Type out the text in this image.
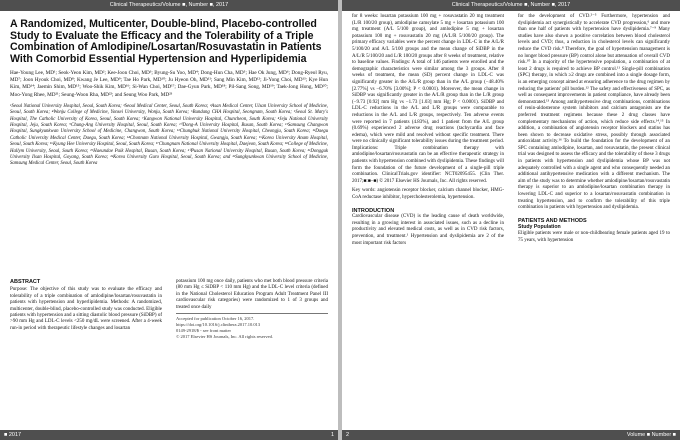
Clinical Therapeutics/Volume ■, Number ■, 2017
A Randomized, Multicenter, Double-blind, Placebo-controlled Study to Evaluate the Efficacy and the Tolerability of a Triple Combination of Amlodipine/Losartan/Rosuvastatin in Patients With Comorbid Essential Hypertension and Hyperlipidemia
Hae-Young Lee, MD¹; Seok-Yeon Kim, MD²; Kee-Joon Choi, MD³; Byung-Su Yoo, MD⁴; Dong-Hun Cha, MD⁵; Hae Ok Jung, MD⁶; Dong-Ryeol Ryu, MD⁷; Joon Hyouk Choi, MD⁸; Kwang Je Lee, MD⁹; Tae Ho Park, MD¹⁰; Ju Hyeon Oh, MD¹¹; Sang Min Kim, MD¹²; Ji-Yong Choi, MD¹³; Kye Hun Kim, MD¹⁴; Jaemin Shim, MD¹⁵; Woo-Shik Kim, MD¹⁶; Si-Wan Choi, MD¹⁷; Dae-Gyun Park, MD¹⁸; Pil-Sang Song, MD¹⁹; Taek-Jong Hong, MD²⁰; Moo-Yong Rhee, MD²¹; Seung-Woon Rha, MD²²; and Seung Woo Park, MD²³
¹Seoul National University Hospital, Seoul, South Korea; ²Seoul Medical Center, Seoul, South Korea; ³Asan Medical Center, Ulsan University School of Medicine, Seoul, South Korea; ⁴Wonju College of Medicine, Yonsei University, Wonju, South Korea; ⁵Bundang CHA Hospital, Seongnam, South Korea; ⁶Seoul St. Mary's Hospital, The Catholic University of Korea, Seoul, South Korea; ⁷Kangwon National University Hospital, Chuncheon, South Korea; ⁸Jeju National University Hospital, Jeju, South Korea; ⁹Chung-Ang University Hospital, Seoul, South Korea; ¹⁰Dong-A University Hospital, Busan, South Korea; ¹¹Samsung Changwon Hospital, Sungkyunkwan University School of Medicine, Changwon, South Korea; ¹²Chungbuk National University Hospital, Cheongju, South Korea; ¹³Daegu Catholic University Medical Center, Daegu, South Korea; ¹⁴Chonnam National University Hospital, Gwangju, South Korea; ¹⁵Korea University Anam Hospital, Seoul, South Korea; ¹⁶Kyung Hee University Hospital, Seoul, South Korea; ¹⁷Chungnam National University Hospital, Daejeon, South Korea; ¹⁸College of Medicine, Hallym University, Seoul, South Korea; ¹⁹Haeundae Paik Hospital, Busan, South Korea; ²⁰Pusan National University Hospital, Busan, South Korea; ²¹Dongguk University Ilsan Hospital, Goyang, South Korea; ²²Korea University Guro Hospital, Seoul, South Korea; and ²³Sungkyunkwan University School of Medicine, Samsung Medical Center, Seoul, South Korea
ABSTRACT

Purpose: The objective of this study was to evaluate the efficacy and tolerability of a triple combination of amlodipine/losartan/rosuvastatin in patients with hypertension and hyperlipidemia. Methods: A randomized, multicenter, double-blind, placebo-controlled study was conducted. Eligible patients with hypertension and a sitting diastolic blood pressure (SiDBP) of >90 mm Hg and LDL-C levels <250 mg/dL were screened. After a 4-week run-in period with therapeutic lifestyle changes and losartan

potassium 100 mg once daily, patients who met both blood pressure criteria (80 mm Hg ≤ SiDBP < 110 mm Hg) and the LDL-C level criteria (defined in the National Cholesterol Education Program Adult Treatment Panel III cardiovascular risk categories) were randomized to 1 of 3 groups and treated once daily

Accepted for publication October 16, 2017.
https://doi.org/10.1016/j.clinthera.2017.10.013
0149-2918/$ - see front matter
© 2017 Elsevier HS Journals, Inc. All rights reserved.
■ 2017	1
Clinical Therapeutics/Volume ■, Number ■, 2017

for 8 weeks: losartan potassium 100 mg + rosuvastatin 20 mg treatment (L/R 100/20 group), amlodipine camsylate 5 mg + losartan potassium 100 mg treatment (A/L 5/100 group), and amlodipine 5 mg + losartan potassium 100 mg + rosuvastatin 20 mg (A/L/R 5/100/20 group). The primary efficacy variables were the percent change in LDL-C in the A/L/R 5/100/20 and A/L 5/100 groups and the mean change of SiDBP in the A/L/R 5/100/20 and L/R 100/20 groups after 8 weeks of treatment, relative to baseline values. Findings: A total of 146 patients were enrolled and the demographic characteristics were similar among the 3 groups. After 8 weeks of treatment, the mean (SD) percent change in LDL-C was significantly greater in the A/L/R group than in the A/L group (−48.40% [2.77%] vs −6.70% [3.00%]; P < 0.0001). Moreover, the mean change in SiDBP was significantly greater in the A/L/R group than in the L/R group (−9.73 [0.92] mm Hg vs −1.73 [1.03] mm Hg; P < 0.0001). SiDBP and LDL-C reductions in the A/L and L/R groups were comparable to reductions in the A/L and L/R groups, respectively. Ten adverse events were reported in 7 patients (4.83%), and 1 patient from the A/L group (0.69%) experienced 2 adverse drug reactions (tachycardia and face edema), which were mild and resolved without specific treatment. There were no clinically significant tolerability issues during the treatment period. Implications: Triple combination therapy with amlodipine/losartan/rosuvastatin can be an effective therapeutic strategy in patients with hypertension combined with dyslipidemia. These findings will form the foundation of the future development of a single-pill triple combination. ClinicalTrials.gov identifier: NCT02095455. (Clin Ther. 2017;■:■–■) © 2017 Elsevier HS Journals, Inc. All rights reserved.

Key words: angiotensin receptor blocker, calcium channel blocker, HMG-CoA reductase inhibitor, hypercholesterolemia, hypertension.

INTRODUCTION

Cardiovascular disease (CVD) is the leading cause of death worldwide, resulting in a growing interest in associated issues, such as a decline in productivity and elevated medical costs, as well as in CVD risk factors, prevention, and treatment.¹ Hypertension and dyslipidemia are 2 of the most important risk factors

for the development of CVD.²⁻⁵ Furthermore, hypertension and dyslipidemia act synergistically to accelerate CVD progression,⁶ and more than one half of patients with hypertension have dyslipidemia.⁷⁻⁹ Many studies have also shown a positive correlation between blood cholesterol levels and CVD; thus, a reduction in cholesterol levels can significantly reduce the CVD risk.⁸ Therefore, the goal of hypertension management is no longer blood pressure (BP) control alone but attenuation of overall CVD risk.¹⁰ In a majority of the hypertensive population, a combination of at least 2 drugs is required to achieve BP control.¹¹ Single-pill combination (SPC) therapy, in which ≥2 drugs are combined into a single dosage form, is an emerging concept aimed at ensuring adherence to the drug regimen by reducing the patients' pill burden.¹² The safety and effectiveness of SPC, as well as consequent improvements in patient compliance, have already been demonstrated.¹³ Among antihypertensive drug combinations, combinations of renin-aldosterone system inhibitors and calcium antagonists are the preferred treatment regimens because these 2 drug classes have complementary mechanisms of action, which reduce side effects.¹⁴,¹⁵ In addition, a combination of angiotensin receptor blockers and statins has been shown to decrease oxidative stress, possibly through associated antioxidant activity.¹⁶ To build the foundation for the development of an SPC containing amlodipine, losartan, and rosuvastatin, the present clinical trial was designed to assess the efficacy and the tolerability of these 3 drugs in patients with hypertension and dyslipidemia whose BP was not adequately controlled with a single agent and who consequently needed an additional antihypertensive medication with a different mechanism. The aim of the study was to determine whether amlodipine/losartan/rosuvastatin therapy is superior to an amlodipine/losartan combination therapy in lowering LDL-C and superior to a losartan/rosuvastatin combination in treating hypertension, and to confirm the tolerability of this triple combination in patients with hypertension and dyslipidemia.

PATIENTS AND METHODS
Study Population

Eligible patients were male or non-childbearing female patients aged 19 to 75 years, with hypertension

2	Volume ■ Number ■
